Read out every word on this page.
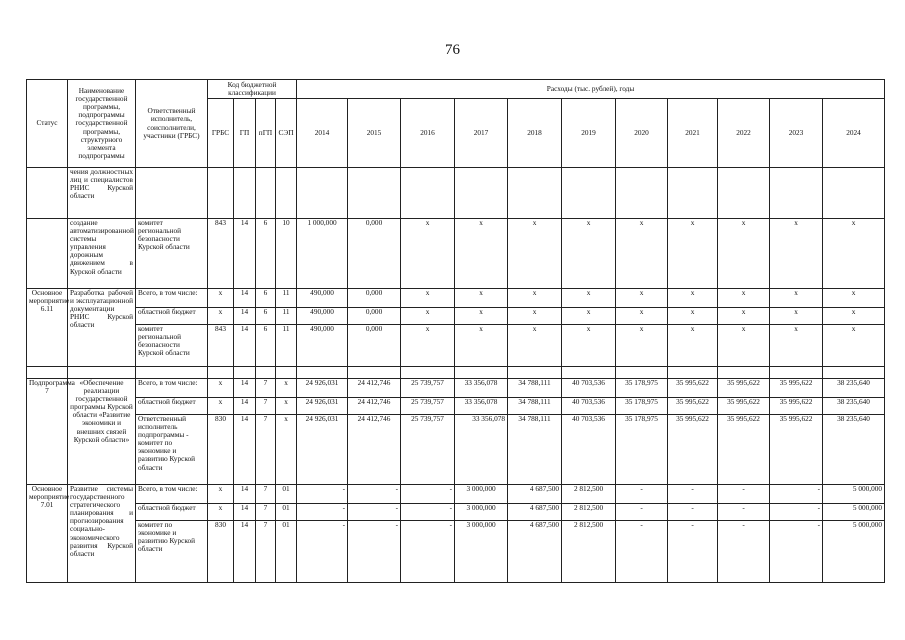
76
Статус	Наименование государственной программы, подпрограммы государственной программы, структурного элемента подпрограммы	Ответственный исполнитель, соисполнители, участники (ГРБС)	Код бюджетной классификации				Расходы (тыс. рублей), годы										
			ГРБС	ГП	пГП	СЭП	2014	2015	2016	2017	2018	2019	2020	2021	2022	2023	2024
	чения должностных лиц и специалистов РНИС Курской области																
	создание автоматизированной системы управления дорожным движением в Курской области	комитет региональной безопасности Курской области	843	14	6	10	1 000,000	0,000	x	x	x	x	x	x	x	x	x
Основное мероприятие 6.11	Разработка рабочей и эксплуатационной документации РНИС Курской области	Всего, в том числе:	x	14	6	11	490,000	0,000	x	x	x	x	x	x	x	x	x
		областной бюджет	x	14	6	11	490,000	0,000	x	x	x	x	x	x	x	x	x
		комитет региональной безопасности Курской области	843	14	6	11	490,000	0,000	x	x	x	x	x	x	x	x	x

Подпрограмма 7	«Обеспечение реализации государственной программы Курской области «Развитие экономики и внешних связей Курской области»	Всего, в том числе:	x	14	7	x	24 926,031	24 412,746	25 739,757	33 356,078	34 788,111	40 703,536	35 178,975	35 995,622	35 995,622	35 995,622	38 235,640
		областной бюджет	x	14	7	x	24 926,031	24 412,746	25 739,757	33 356,078	34 788,111	40 703,536	35 178,975	35 995,622	35 995,622	35 995,622	38 235,640
		Ответственный исполнитель подпрограммы - комитет по экономике и развитию Курской области	830	14	7	x	24 926,031	24 412,746	25 739,757	33 356,078	34 788,111	40 703,536	35 178,975	35 995,622	35 995,622	35 995,622	38 235,640
Основное мероприятие 7.01	Развитие системы государственного стратегического планирования и прогнозирования социально-экономического развития Курской области	Всего, в том числе:	x	14	7	01	-	-	-	3 000,000	4 687,500	2 812,500	-	-	-	-	5 000,000
		областной бюджет	x	14	7	01	-	-	-	3 000,000	4 687,500	2 812,500	-	-	-	-	5 000,000
		комитет по экономике и развитию Курской области	830	14	7	01	-	-	-	3 000,000	4 687,500	2 812,500	-	-	-	-	5 000,000
